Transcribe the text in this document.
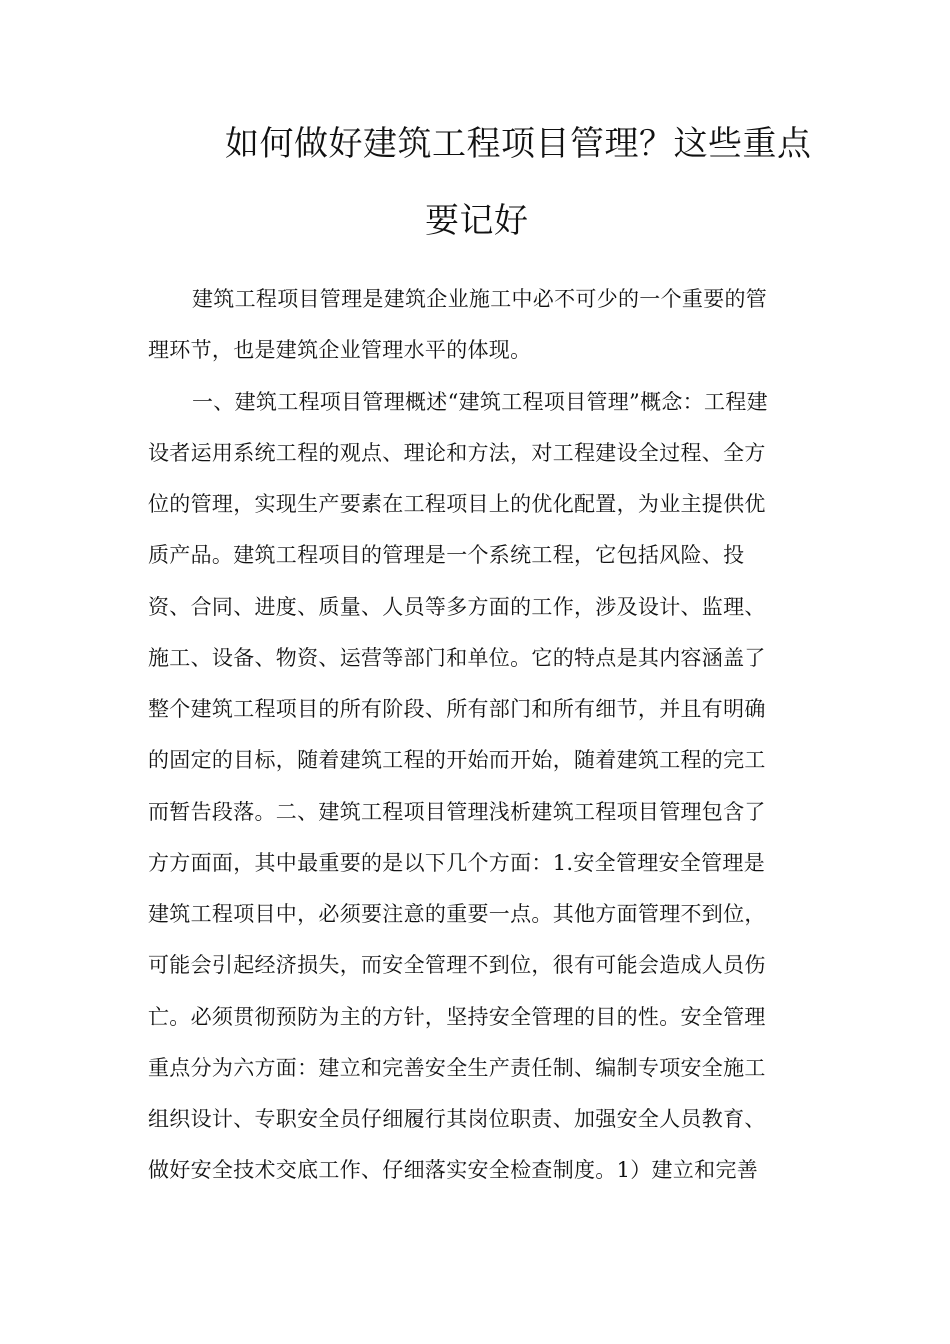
如何做好建筑工程项目管理？这些重点
要记好
建筑工程项目管理是建筑企业施工中必不可少的一个重要的管
理环节，也是建筑企业管理水平的体现。
一、建筑工程项目管理概述“建筑工程项目管理”概念：工程建
设者运用系统工程的观点、理论和方法，对工程建设全过程、全方
位的管理，实现生产要素在工程项目上的优化配置，为业主提供优
质产品。建筑工程项目的管理是一个系统工程，它包括风险、投
资、合同、进度、质量、人员等多方面的工作，涉及设计、监理、
施工、设备、物资、运营等部门和单位。它的特点是其内容涵盖了
整个建筑工程项目的所有阶段、所有部门和所有细节，并且有明确
的固定的目标，随着建筑工程的开始而开始，随着建筑工程的完工
而暂告段落。二、建筑工程项目管理浅析建筑工程项目管理包含了
方方面面，其中最重要的是以下几个方面：1.安全管理安全管理是
建筑工程项目中，必须要注意的重要一点。其他方面管理不到位，
可能会引起经济损失，而安全管理不到位，很有可能会造成人员伤
亡。必须贯彻预防为主的方针，坚持安全管理的目的性。安全管理
重点分为六方面：建立和完善安全生产责任制、编制专项安全施工
组织设计、专职安全员仔细履行其岗位职责、加强安全人员教育、
做好安全技术交底工作、仔细落实安全检查制度。1）建立和完善
